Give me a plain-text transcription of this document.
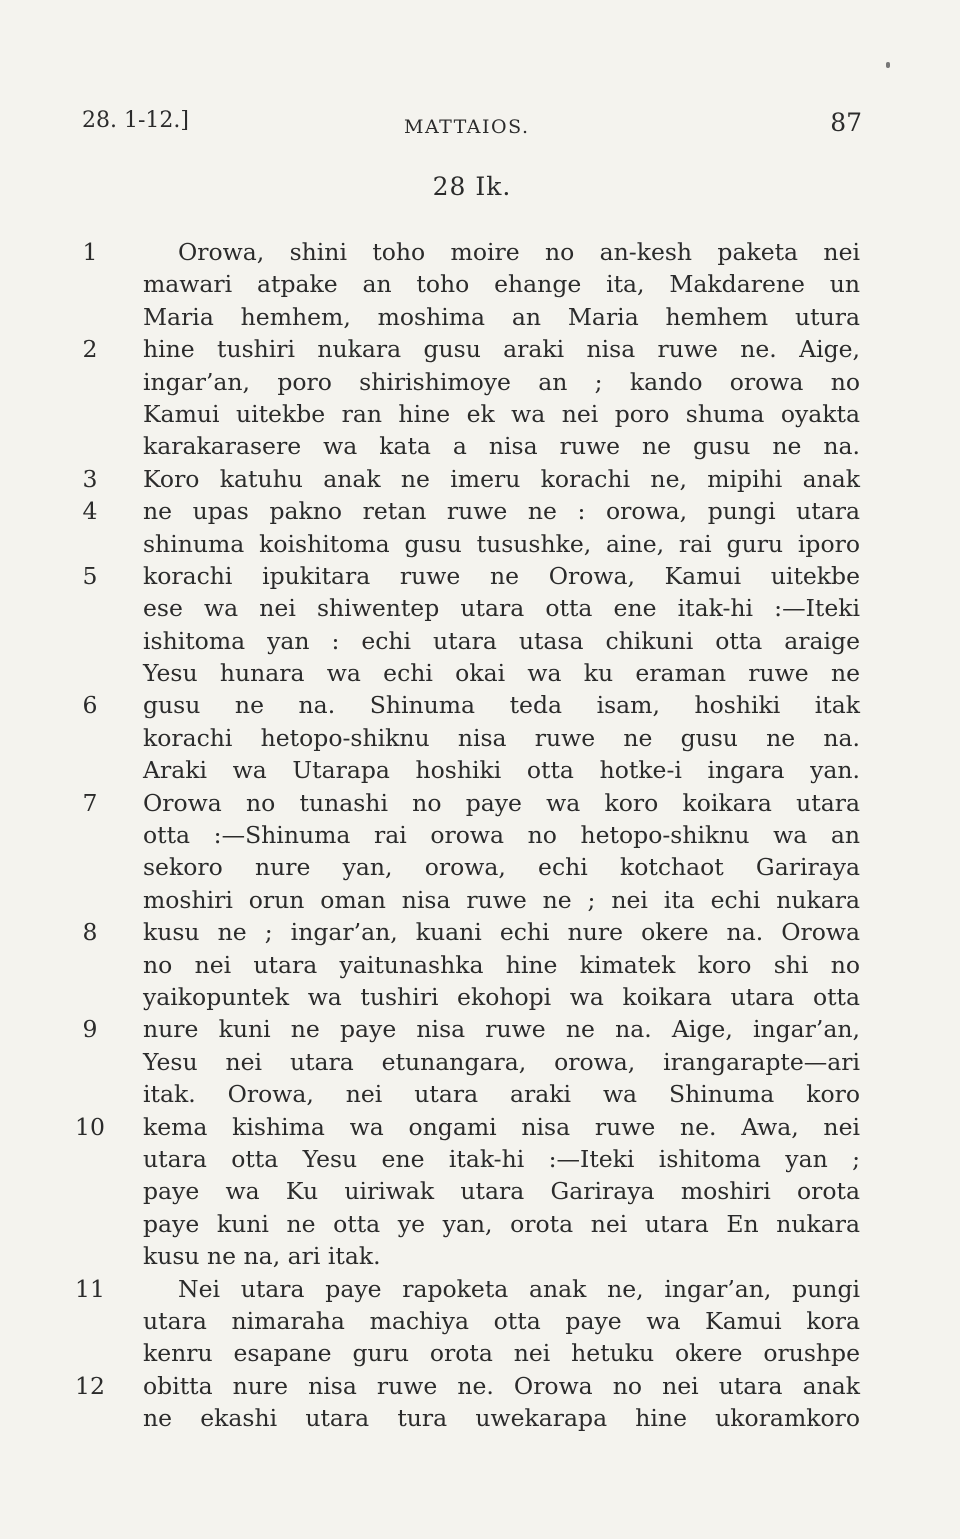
28. 1-12.]	MATTAIOS.	87
28 Ik.
1	Orowa, shini toho moire no an-kesh paketa nei
mawari atpake an toho ehange ita, Makdarene un
Maria hemhem, moshima an Maria hemhem utura
2	hine tushiri nukara gusu araki nisa ruwe ne. Aige,
ingar’an, poro shirishimoye an ; kando orowa no
Kamui uitekbe ran hine ek wa nei poro shuma oyakta
karakarasere wa kata a nisa ruwe ne gusu ne na.
3	Koro katuhu anak ne imeru korachi ne, mipihi anak
4	ne upas pakno retan ruwe ne : orowa, pungi utara
shinuma koishitoma gusu tusushke, aine, rai guru iporo
5	korachi ipukitara ruwe ne Orowa, Kamui uitekbe
ese wa nei shiwentep utara otta ene itak-hi :—Iteki
ishitoma yan : echi utara utasa chikuni otta araige
Yesu hunara wa echi okai wa ku eraman ruwe ne
6	gusu ne na. Shinuma teda isam, hoshiki itak
korachi hetopo-shiknu nisa ruwe ne gusu ne na.
Araki wa Utarapa hoshiki otta hotke-i ingara yan.
7	Orowa no tunashi no paye wa koro koikara utara
otta :—Shinuma rai orowa no hetopo-shiknu wa an
sekoro nure yan, orowa, echi kotchaot Gariraya
moshiri orun oman nisa ruwe ne ; nei ita echi nukara
8	kusu ne ; ingar’an, kuani echi nure okere na. Orowa
no nei utara yaitunashka hine kimatek koro shi no
yaikopuntek wa tushiri ekohopi wa koikara utara otta
9	nure kuni ne paye nisa ruwe ne na. Aige, ingar’an,
Yesu nei utara etunangara, orowa, irangarapte—ari
itak. Orowa, nei utara araki wa Shinuma koro
10 kema kishima wa ongami nisa ruwe ne. Awa, nei
utara otta Yesu ene itak-hi :—Iteki ishitoma yan ;
paye wa Ku uiriwak utara Gariraya moshiri orota
paye kuni ne otta ye yan, orota nei utara En nukara
kusu ne na, ari itak.
11	Nei utara paye rapoketa anak ne, ingar’an, pungi
utara nimaraha machiya otta paye wa Kamui kora
kenru esapane guru orota nei hetuku okere orushpe
12 obitta nure nisa ruwe ne. Orowa no nei utara anak
ne ekashi utara tura uwekarapa hine ukoramkoro
